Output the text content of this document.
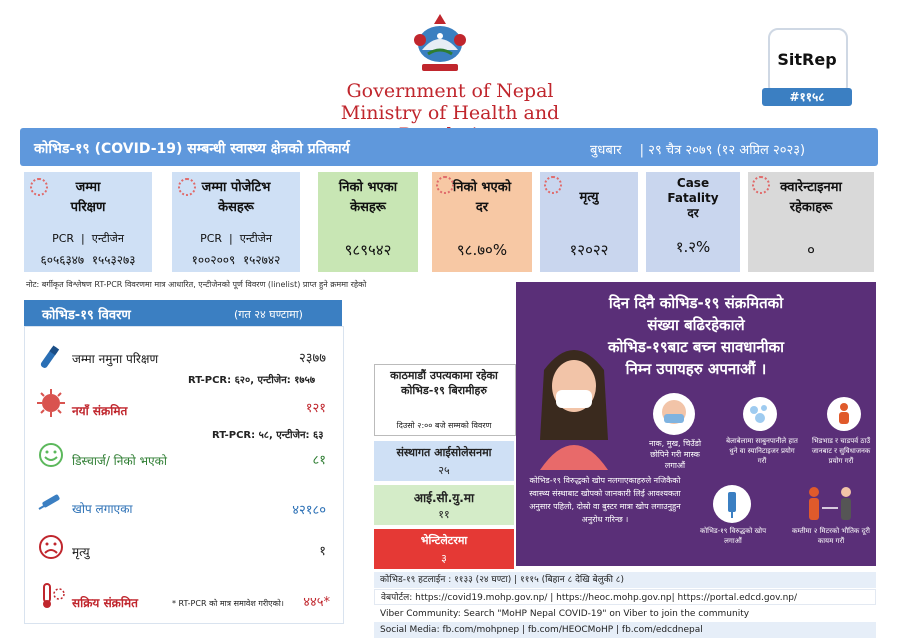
Government of Nepal
Ministry of Health and
SitRep
#११५८
कोभिड-१९ (COVID-19) सम्बन्धी स्वास्थ्य क्षेत्रको प्रतिकार्य	बुधबार | २९ चैत्र २०७९ (१२ अप्रिल २०२३)
जम्मा
परिक्षण
PCR  |  एन्टीजेन
६०५६३४७ १५५३२७३
जम्मा पोजेटिभ
केसहरू
PCR  |  एन्टीजेन
१००२००९ १५२७४२
निको भएका
केसहरू
९८९५४२
निको भएको
दर
९८.७०%
मृत्यु
१२०२२
Case
Fatality
दर
१.२%
क्वारेन्टाइनमा
रहेकाहरू
०
नोट: बर्गीकृत विश्लेषण RT-PCR विवरणमा मात्र आधारित, एन्टीजेनको पूर्ण विवरण (linelist) प्राप्त हुने क्रममा रहेको
कोभिड-१९ विवरण	(गत २४ घण्टामा)
जम्मा नमुना परिक्षण	२३७७
RT-PCR: ६२०, एन्टीजेन: १७५७
नयाँ संक्रमित	१२१
RT-PCR: ५८, एन्टीजेन: ६३
डिस्चार्ज/ निको भएको	८१
खोप लगाएका	४२१८०
मृत्यु	१
सक्रिय संक्रमित	* RT-PCR को मात्र समावेश गरीएको।	४४५*
काठमाडौं उपत्यकामा रहेका कोभिड-१९ बिरामीहरु
दिउसो २:०० बजे सम्मको विवरण
संस्थागत आईसोलेसनमा
२५
आई.सी.यु.मा
११
भेन्टिलेटरमा
३
दिन दिनै कोभिड-१९ संक्रमितको
संख्या बढिरहेकाले
कोभिड-१९बाट बच्न सावधानीका
निम्न उपायहरु अपनाऔं ।
नाक, मुख, चिउँडो छोपिने गरी मास्क लगाऔं
बेलाबेलामा साबुनपानीले हात धुने वा स्यानिटाइजर प्रयोग गरौं
भिडभाड र चाडपर्व ठाउँ जानबाट र सुविधाजनक प्रयोग गरौं
कोभिड-१९ विरुद्धको खोप लगाऔं
कम्तीमा २ मिटरको भौतिक दूरी कायम गरौं
कोभिड-१९ विरुद्धको खोप नलगाएकाहरुले नजिकैको स्वास्थ्य संस्थाबाट खोपको जानकारी लिई आवश्यकता अनुसार पहिलो, दोस्रो वा बुस्टर मात्रा खोप लगाउनुहुन अनुरोध गरिन्छ ।
कोभिड-१९ हटलाईन : ११३३ (२४ घण्टा) | १११५ (बिहान ८ देखि बेलुकी ८)
वेबपोर्टल: https://covid19.mohp.gov.np/ | https://heoc.mohp.gov.np| https://portal.edcd.gov.np/
Viber Community: Search "MoHP Nepal COVID-19" on Viber to join the community
Social Media: fb.com/mohpnep | fb.com/HEOCMoHP | fb.com/edcdnepal
